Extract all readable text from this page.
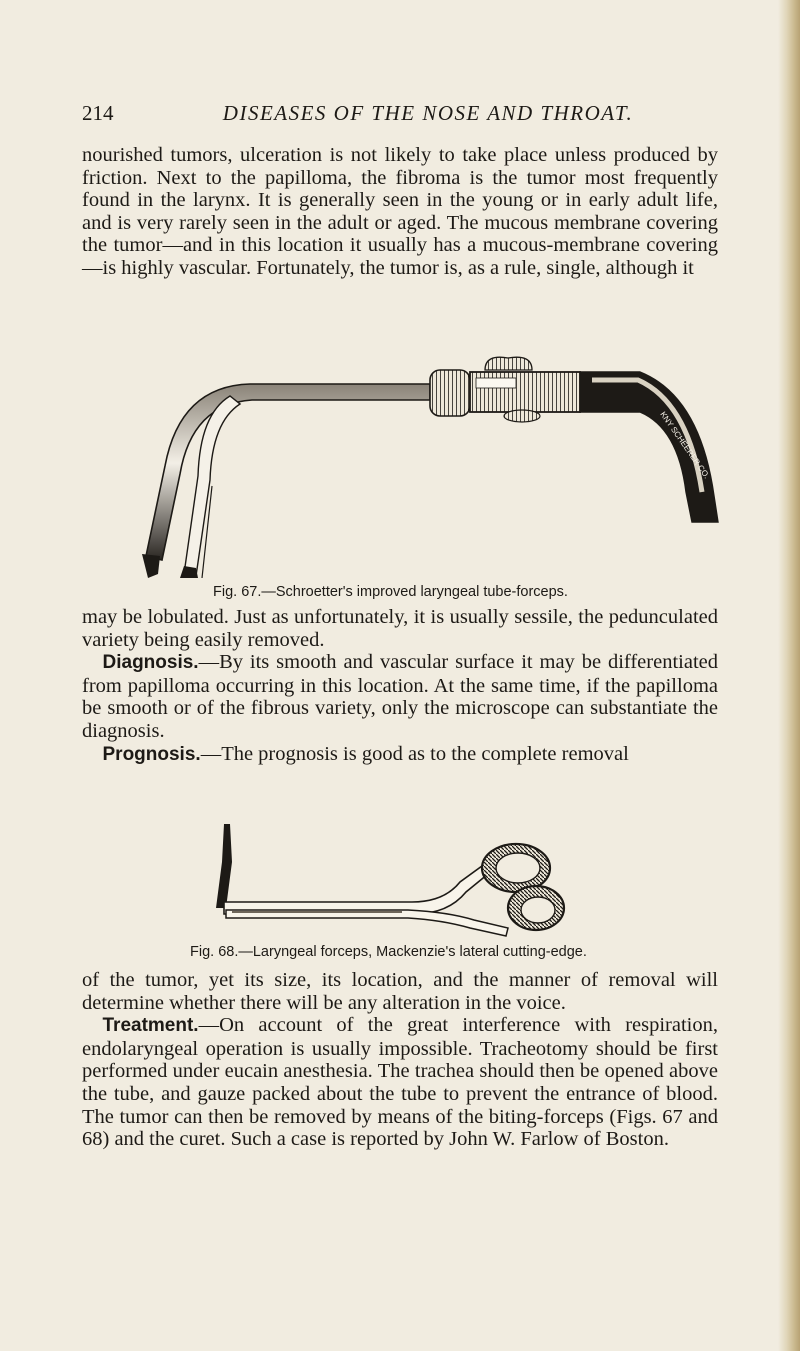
214	DISEASES OF THE NOSE AND THROAT.

nourished tumors, ulceration is not likely to take place unless produced by friction. Next to the papilloma, the fibroma is the tumor most frequently found in the larynx. It is generally seen in the young or in early adult life, and is very rarely seen in the adult or aged. The mucous membrane covering the tumor—and in this location it usually has a mucous-membrane covering—is highly vascular. Fortunately, the tumor is, as a rule, single, although it

KNY SCHEERER CO.
Fig. 67.—Schroetter's improved laryngeal tube-forceps.
may be lobulated. Just as unfortunately, it is usually sessile, the pedunculated variety being easily removed.
 Diagnosis.—By its smooth and vascular surface it may be differentiated from papilloma occurring in this location. At the same time, if the papilloma be smooth or of the fibrous variety, only the microscope can substantiate the diagnosis.
 Prognosis.—The prognosis is good as to the complete removal
Fig. 68.—Laryngeal forceps, Mackenzie's lateral cutting-edge.
of the tumor, yet its size, its location, and the manner of removal will determine whether there will be any alteration in the voice.
 Treatment.—On account of the great interference with respiration, endolaryngeal operation is usually impossible. Tracheotomy should be first performed under eucain anesthesia. The trachea should then be opened above the tube, and gauze packed about the tube to prevent the entrance of blood. The tumor can then be removed by means of the biting-forceps (Figs. 67 and 68) and the curet. Such a case is reported by John W. Farlow of Boston.
